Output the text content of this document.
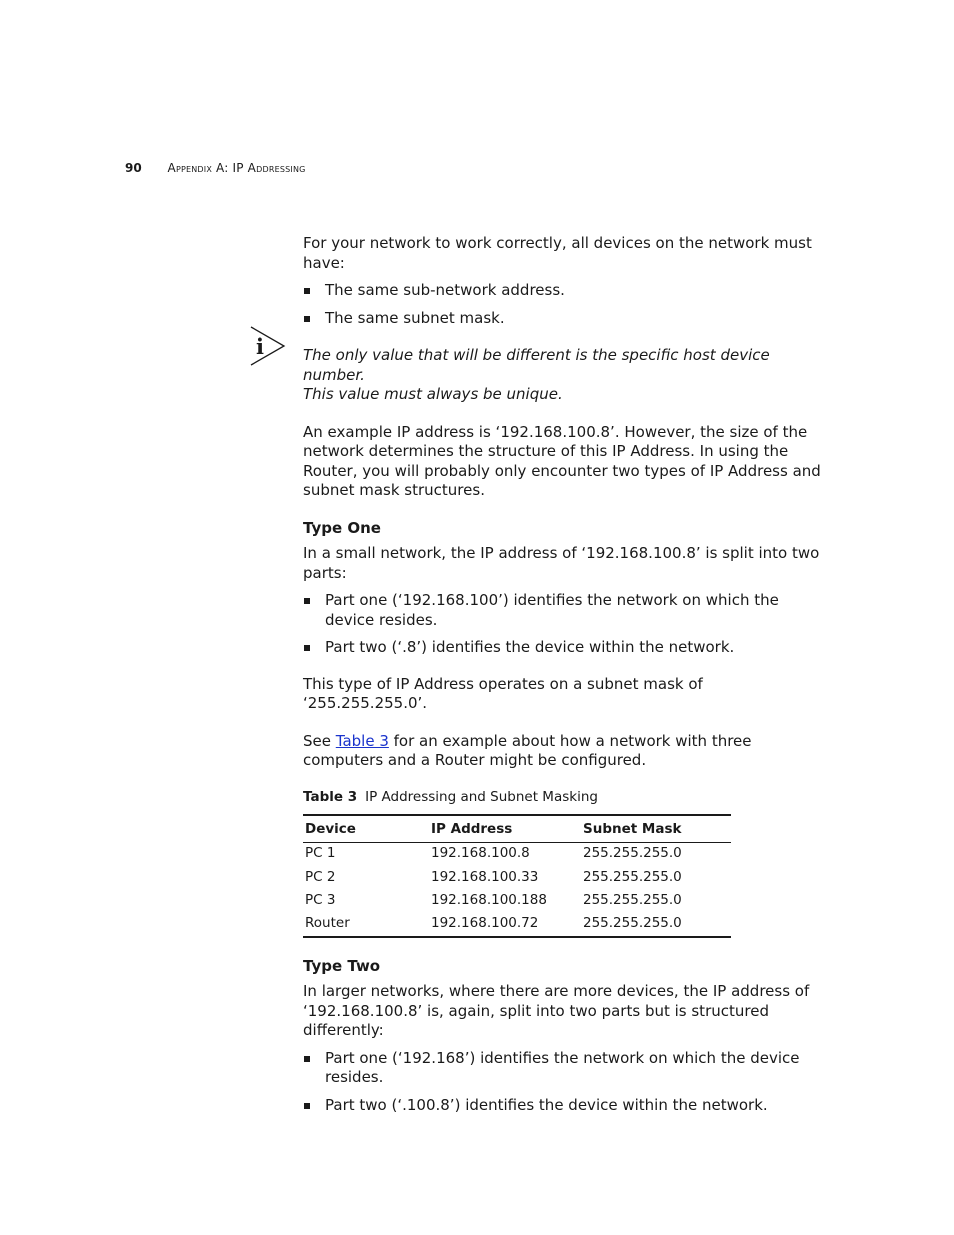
90 Appendix A: IP Addressing
i

For your network to work correctly, all devices on the network must have:

The same sub-network address.
The same subnet mask.
The only value that will be different is the specific host device number.
This value must always be unique.

An example IP address is ‘192.168.100.8’. However, the size of the network determines the structure of this IP Address. In using the Router, you will probably only encounter two types of IP Address and subnet mask structures.

Type One

In a small network, the IP address of ‘192.168.100.8’ is split into two parts:

Part one (‘192.168.100’) identifies the network on which the device resides.
Part two (‘.8’) identifies the device within the network.

This type of IP Address operates on a subnet mask of ‘255.255.255.0’.

See Table 3 for an example about how a network with three computers and a Router might be configured.

Table 3 IP Addressing and Subnet Masking
Device	IP Address	Subnet Mask
PC 1	192.168.100.8	255.255.255.0
PC 2	192.168.100.33	255.255.255.0
PC 3	192.168.100.188	255.255.255.0
Router	192.168.100.72	255.255.255.0
Type Two

In larger networks, where there are more devices, the IP address of ‘192.168.100.8’ is, again, split into two parts but is structured differently:

Part one (‘192.168’) identifies the network on which the device resides.
Part two (‘.100.8’) identifies the device within the network.
